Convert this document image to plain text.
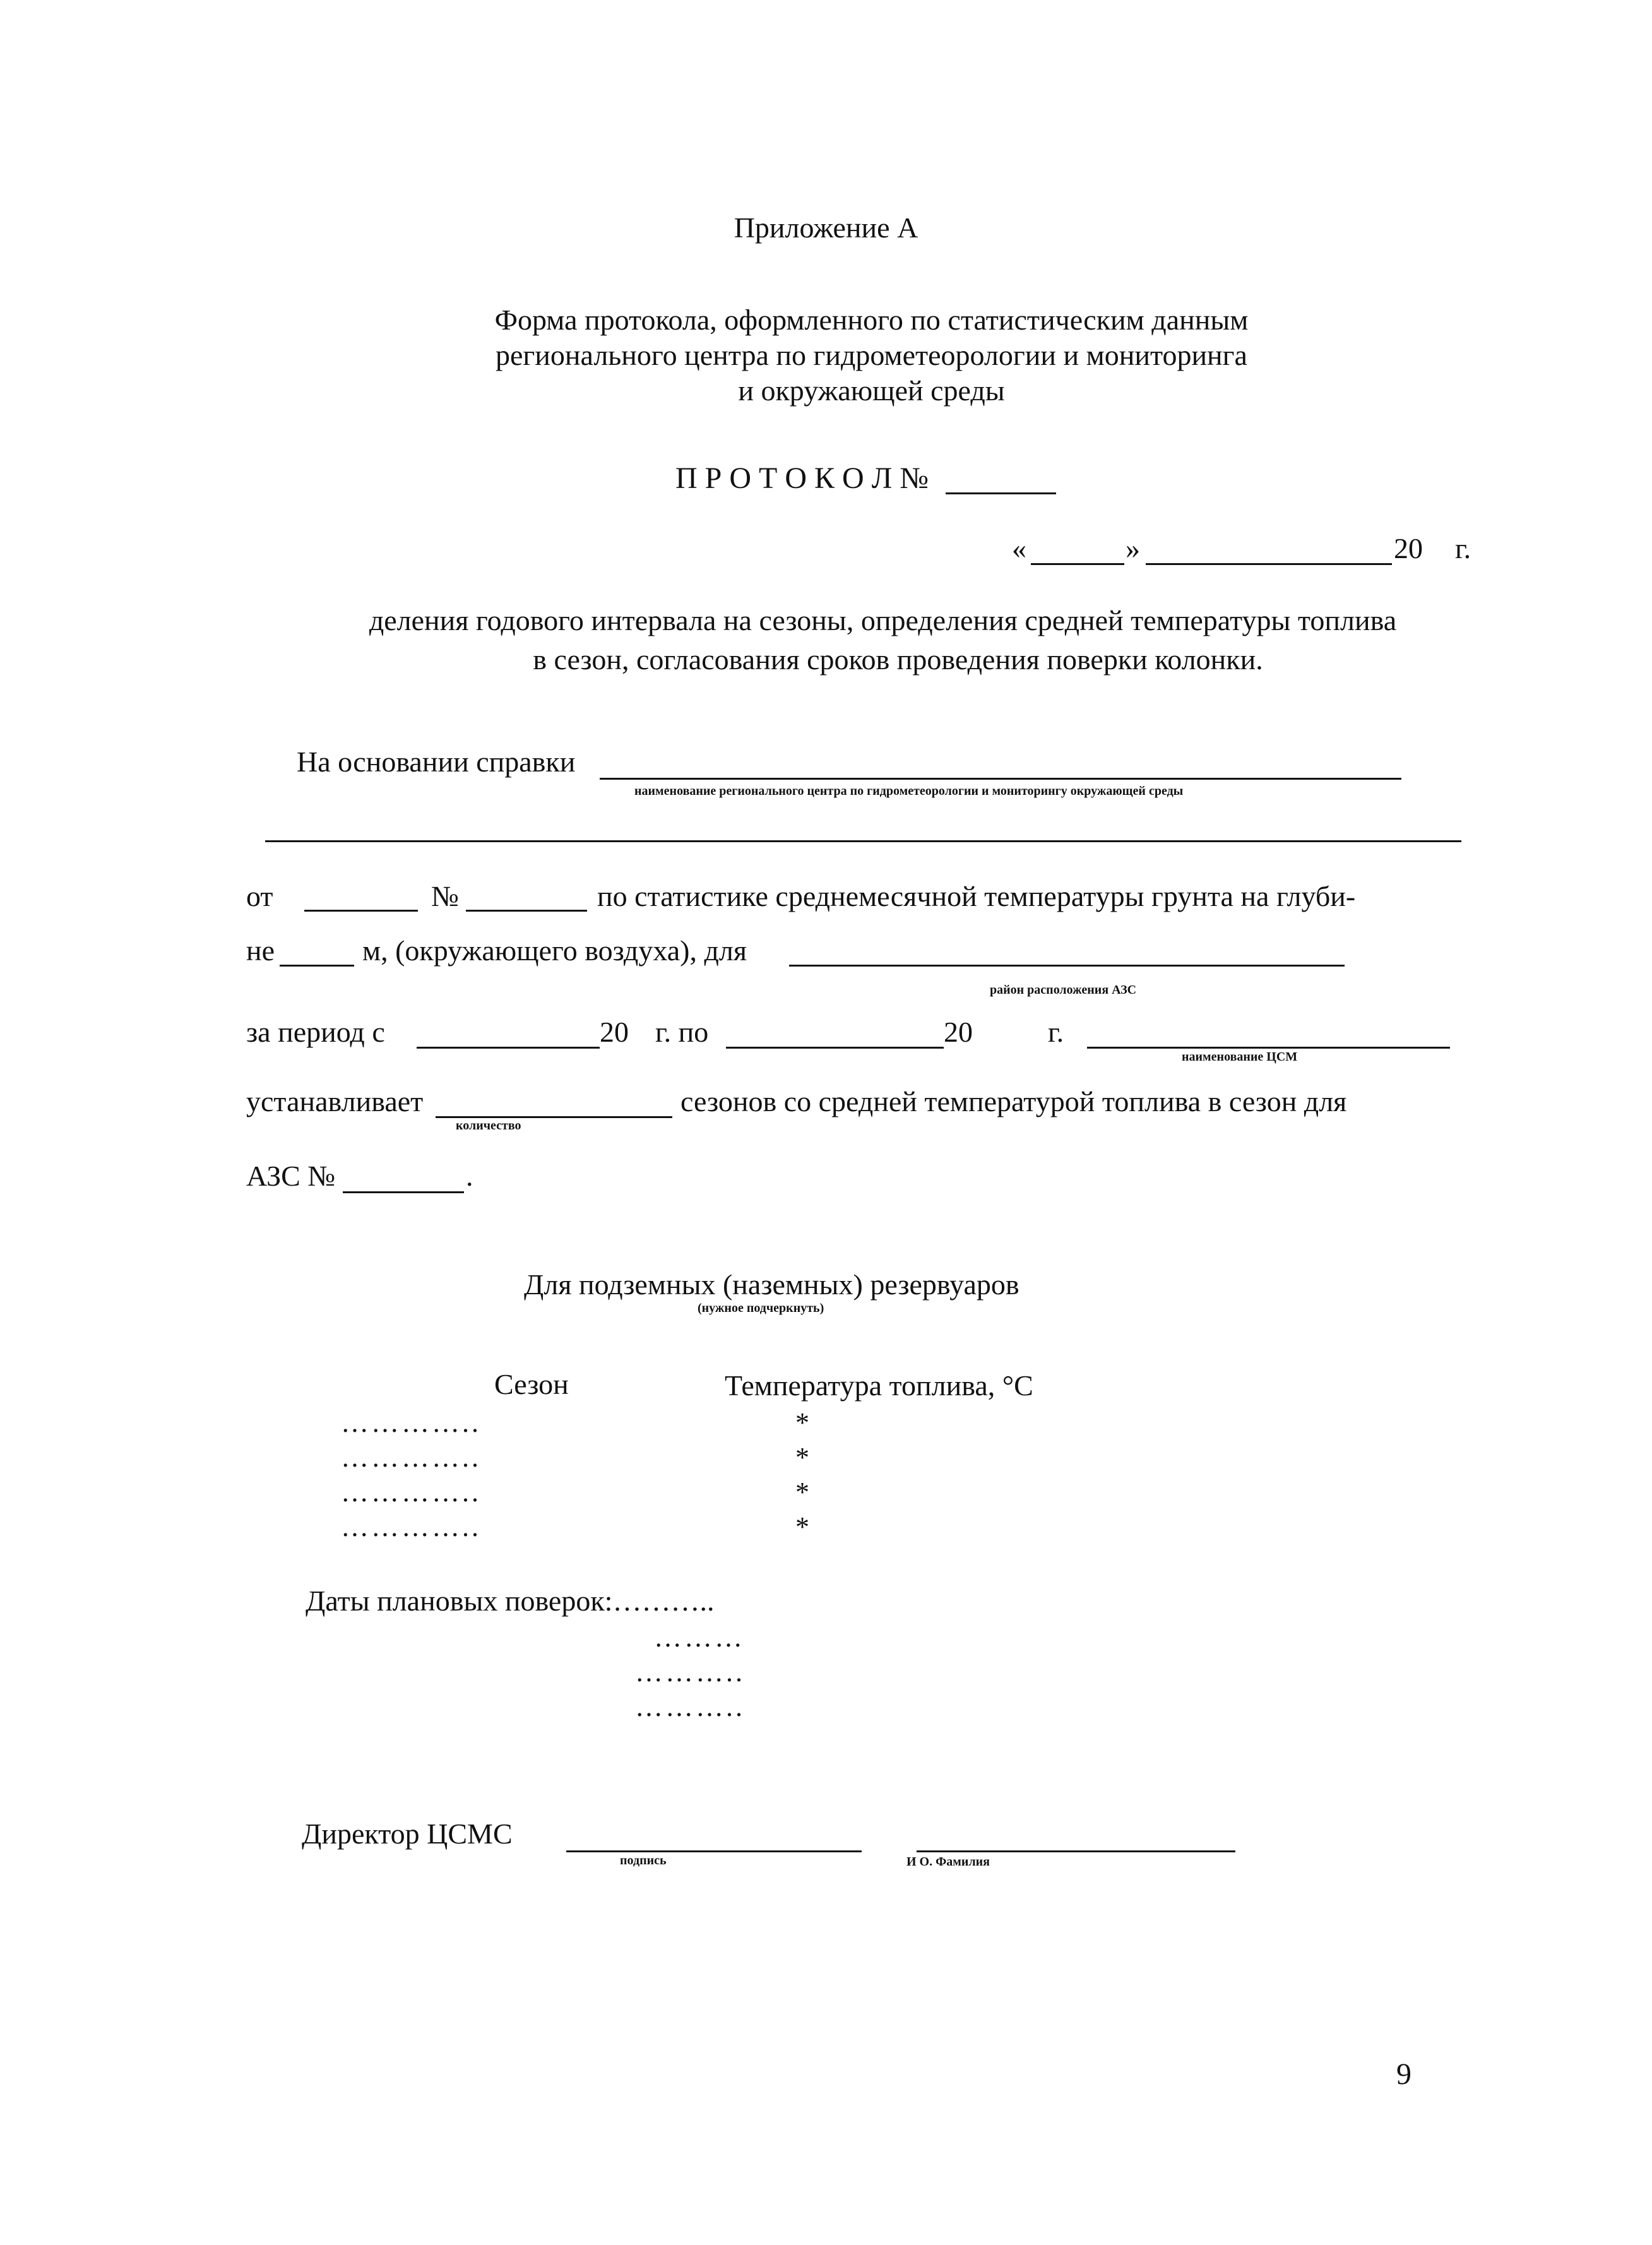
Приложение А
Форма протокола, оформленного по статистическим данным
регионального центра по гидрометеорологии и мониторинга
и окружающей среды
П Р О Т О К О Л №
«	»	20 г.
деления годового интервала на сезоны, определения средней температуры топлива
в сезон, согласования сроков проведения поверки колонки.
На основании справки
наименование регионального центра по гидрометеорологии и мониторингу окружающей среды
от	№	по статистике среднемесячной температуры грунта на глуби-
не	м, (окружающего воздуха), для
район расположения АЗС
за период с	20 г. по	20	г.
наименование ЦСМ
устанавливает	сезонов со средней температурой топлива в сезон для
количество
АЗС №	.
Для подземных (наземных) резервуаров
(нужное подчеркнуть)
Сезон	Температура топлива, °С
…………..	*
…………..	*
…………..	*
…………..	*
Даты плановых поверок:………..
………
………..
………..
Директор ЦСМС
подпись	И О. Фамилия
9
